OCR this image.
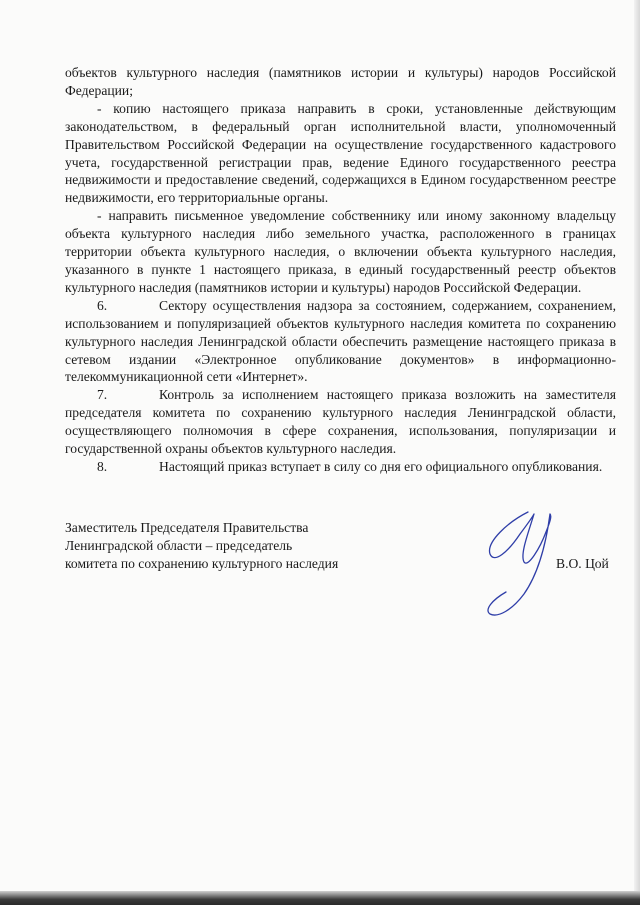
объектов культурного наследия (памятников истории и культуры) народов Российской Федерации;

- копию настоящего приказа направить в сроки, установленные действующим законодательством, в федеральный орган исполнительной власти, уполномоченный Правительством Российской Федерации на осуществление государственного кадастрового учета, государственной регистрации прав, ведение Единого государственного реестра недвижимости и предоставление сведений, содержащихся в Едином государственном реестре недвижимости, его территориальные органы.

- направить письменное уведомление собственнику или иному законному владельцу объекта культурного наследия либо земельного участка, расположенного в границах территории объекта культурного наследия, о включении объекта культурного наследия, указанного в пункте 1 настоящего приказа, в единый государственный реестр объектов культурного наследия (памятников истории и культуры) народов Российской Федерации.

6.	Сектору осуществления надзора за состоянием, содержанием, сохранением, использованием и популяризацией объектов культурного наследия комитета по сохранению культурного наследия Ленинградской области обеспечить размещение настоящего приказа в сетевом издании «Электронное опубликование документов» в информационно-телекоммуникационной сети «Интернет».

7.	Контроль за исполнением настоящего приказа возложить на заместителя председателя комитета по сохранению культурного наследия Ленинградской области, осуществляющего полномочия в сфере сохранения, использования, популяризации и государственной охраны объектов культурного наследия.

8.	Настоящий приказ вступает в силу со дня его официального опубликования.

Заместитель Председателя Правительства
Ленинградской области – председатель
комитета по сохранению культурного наследия	В.О. Цой
